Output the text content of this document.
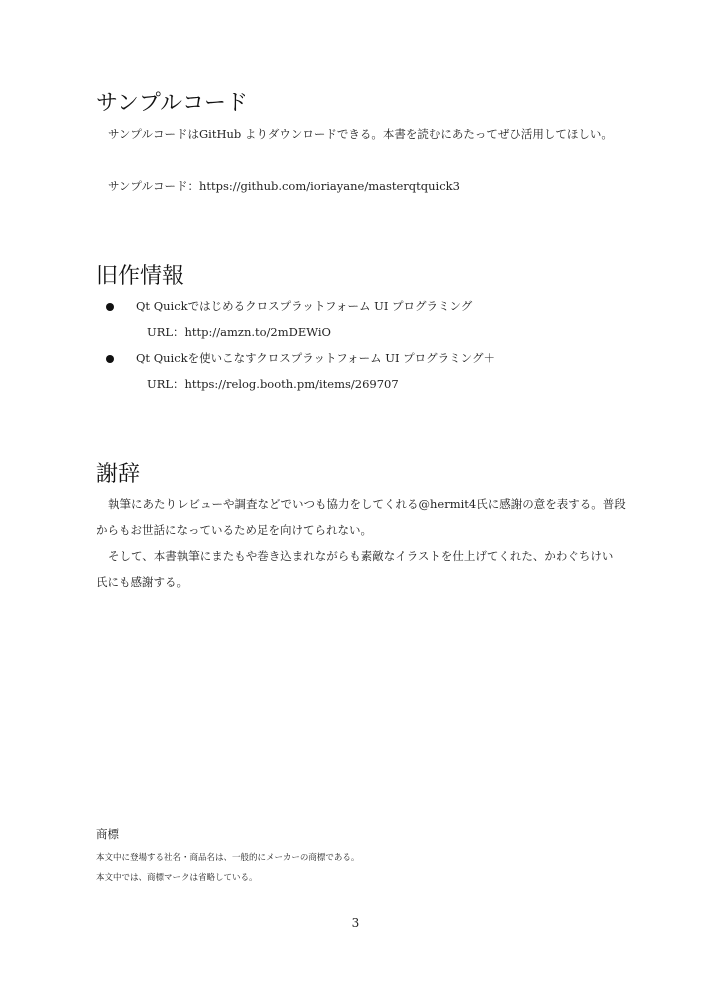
サンプルコード

サンプルコードはGitHub よりダウンロードできる。本書を読むにあたってぜひ活用してほしい。

サンプルコード：https://github.com/ioriayane/masterqtquick3

旧作情報

Qt Quickではじめるクロスプラットフォーム UI プログラミング

URL：http://amzn.to/2mDEWiO

Qt Quickを使いこなすクロスプラットフォーム UI プログラミング＋

URL：https://relog.booth.pm/items/269707

謝辞

執筆にあたりレビューや調査などでいつも協力をしてくれる@hermit4氏に感謝の意を表する。普段

からもお世話になっているため足を向けてられない。

そして、本書執筆にまたもや巻き込まれながらも素敵なイラストを仕上げてくれた、かわぐちけい

氏にも感謝する。

商標
本文中に登場する社名・商品名は、一般的にメーカーの商標である。
本文中では、商標マークは省略している。
3
